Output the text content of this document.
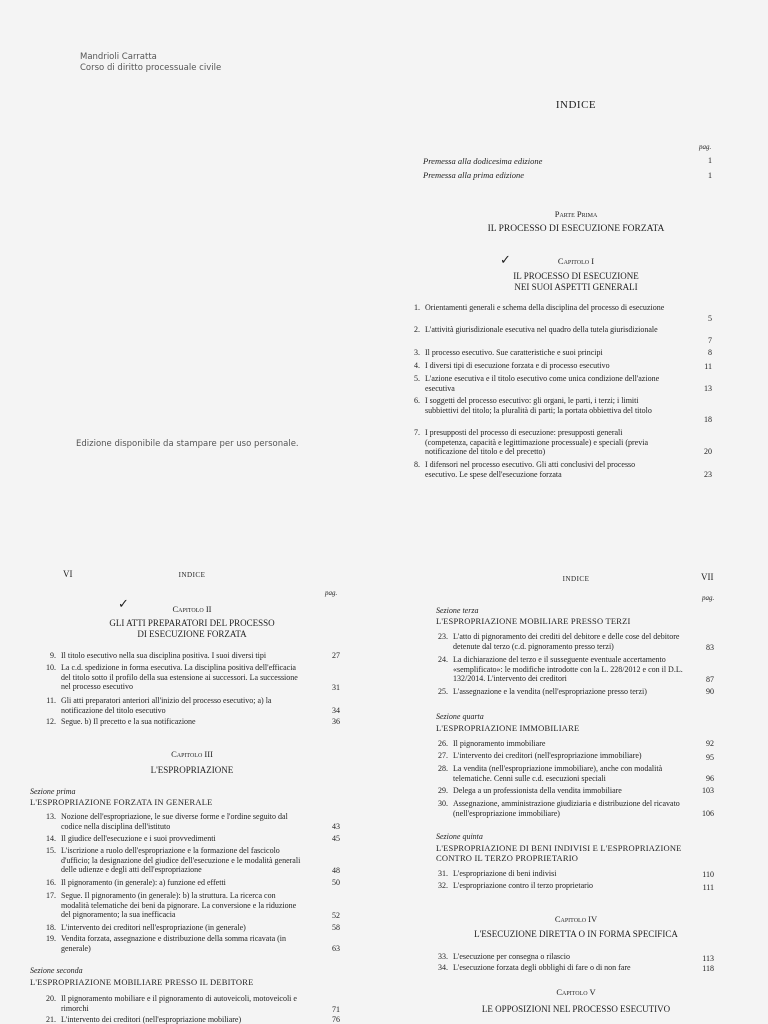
Mandrioli Carratta
Corso di diritto processuale civile
Edizione disponibile da stampare per uso personale.
INDICE
pag.
Premessa alla dodicesima edizione	1
Premessa alla prima edizione	1
Parte Prima
IL PROCESSO DI ESECUZIONE FORZATA
✓	Capitolo I
IL PROCESSO DI ESECUZIONE
NEI SUOI ASPETTI GENERALI
1. Orientamenti generali e schema della disciplina del processo di esecuzione
5
2. L'attività giurisdizionale esecutiva nel quadro della tutela giurisdizionale
7
3. Il processo esecutivo. Sue caratteristiche e suoi principi	8
4. I diversi tipi di esecuzione forzata e di processo esecutivo	11
5. L'azione esecutiva e il titolo esecutivo come unica condizione dell'azione esecutiva	13
6. I soggetti del processo esecutivo: gli organi, le parti, i terzi; i limiti subbiettivi del titolo; la pluralità di parti; la portata obbiettiva del titolo
18
7. I presupposti del processo di esecuzione: presupposti generali (competenza, capacità e legittimazione processuale) e speciali (previa notificazione del titolo e del precetto)	20
8. I difensori nel processo esecutivo. Gli atti conclusivi del processo esecutivo. Le spese dell'esecuzione forzata	23
VI	INDICE
pag.
✓	Capitolo II
GLI ATTI PREPARATORI DEL PROCESSO
DI ESECUZIONE FORZATA
9. Il titolo esecutivo nella sua disciplina positiva. I suoi diversi tipi	27
10. La c.d. spedizione in forma esecutiva. La disciplina positiva dell'efficacia del titolo sotto il profilo della sua estensione ai successori. La successione nel processo esecutivo	31
11. Gli atti preparatori anteriori all'inizio del processo esecutivo; a) la notificazione del titolo esecutivo	34
12. Segue. b) Il precetto e la sua notificazione	36
Capitolo III
L'ESPROPRIAZIONE
Sezione prima
L'ESPROPRIAZIONE FORZATA IN GENERALE
13. Nozione dell'espropriazione, le sue diverse forme e l'ordine seguito dal codice nella disciplina dell'istituto	43
14. Il giudice dell'esecuzione e i suoi provvedimenti	45
15. L'iscrizione a ruolo dell'espropriazione e la formazione del fascicolo d'ufficio; la designazione del giudice dell'esecuzione e le modalità generali delle udienze e degli atti dell'espropriazione	48
16. Il pignoramento (in generale): a) funzione ed effetti	50
17. Segue. Il pignoramento (in generale): b) la struttura. La ricerca con modalità telematiche dei beni da pignorare. La conversione e la riduzione del pignoramento; la sua inefficacia	52
18. L'intervento dei creditori nell'espropriazione (in generale)	58
19. Vendita forzata, assegnazione e distribuzione della somma ricavata (in generale)	63
Sezione seconda
L'ESPROPRIAZIONE MOBILIARE PRESSO IL DEBITORE
20. Il pignoramento mobiliare e il pignoramento di autoveicoli, motoveicoli e rimorchi	71
21. L'intervento dei creditori (nell'espropriazione mobiliare)	76
INDICE	VII
pag.
Sezione terza
L'ESPROPRIAZIONE MOBILIARE PRESSO TERZI
23. L'atto di pignoramento dei crediti del debitore e delle cose del debitore detenute dal terzo (c.d. pignoramento presso terzi)	83
24. La dichiarazione del terzo e il susseguente eventuale accertamento «semplificato»: le modifiche introdotte con la L. 228/2012 e con il D.L. 132/2014. L'intervento dei creditori	87
25. L'assegnazione e la vendita (nell'espropriazione presso terzi)	90
Sezione quarta
L'ESPROPRIAZIONE IMMOBILIARE
26. Il pignoramento immobiliare	92
27. L'intervento dei creditori (nell'espropriazione immobiliare)	95
28. La vendita (nell'espropriazione immobiliare), anche con modalità telematiche. Cenni sulle c.d. esecuzioni speciali	96
29. Delega a un professionista della vendita immobiliare	103
30. Assegnazione, amministrazione giudiziaria e distribuzione del ricavato (nell'espropriazione immobiliare)	106
Sezione quinta
L'ESPROPRIAZIONE DI BENI INDIVISI E L'ESPROPRIAZIONE
CONTRO IL TERZO PROPRIETARIO
31. L'espropriazione di beni indivisi	110
32. L'espropriazione contro il terzo proprietario	111
Capitolo IV
L'ESECUZIONE DIRETTA O IN FORMA SPECIFICA
33. L'esecuzione per consegna o rilascio	113
34. L'esecuzione forzata degli obblighi di fare o di non fare	118
Capitolo V
LE OPPOSIZIONI NEL PROCESSO ESECUTIVO
